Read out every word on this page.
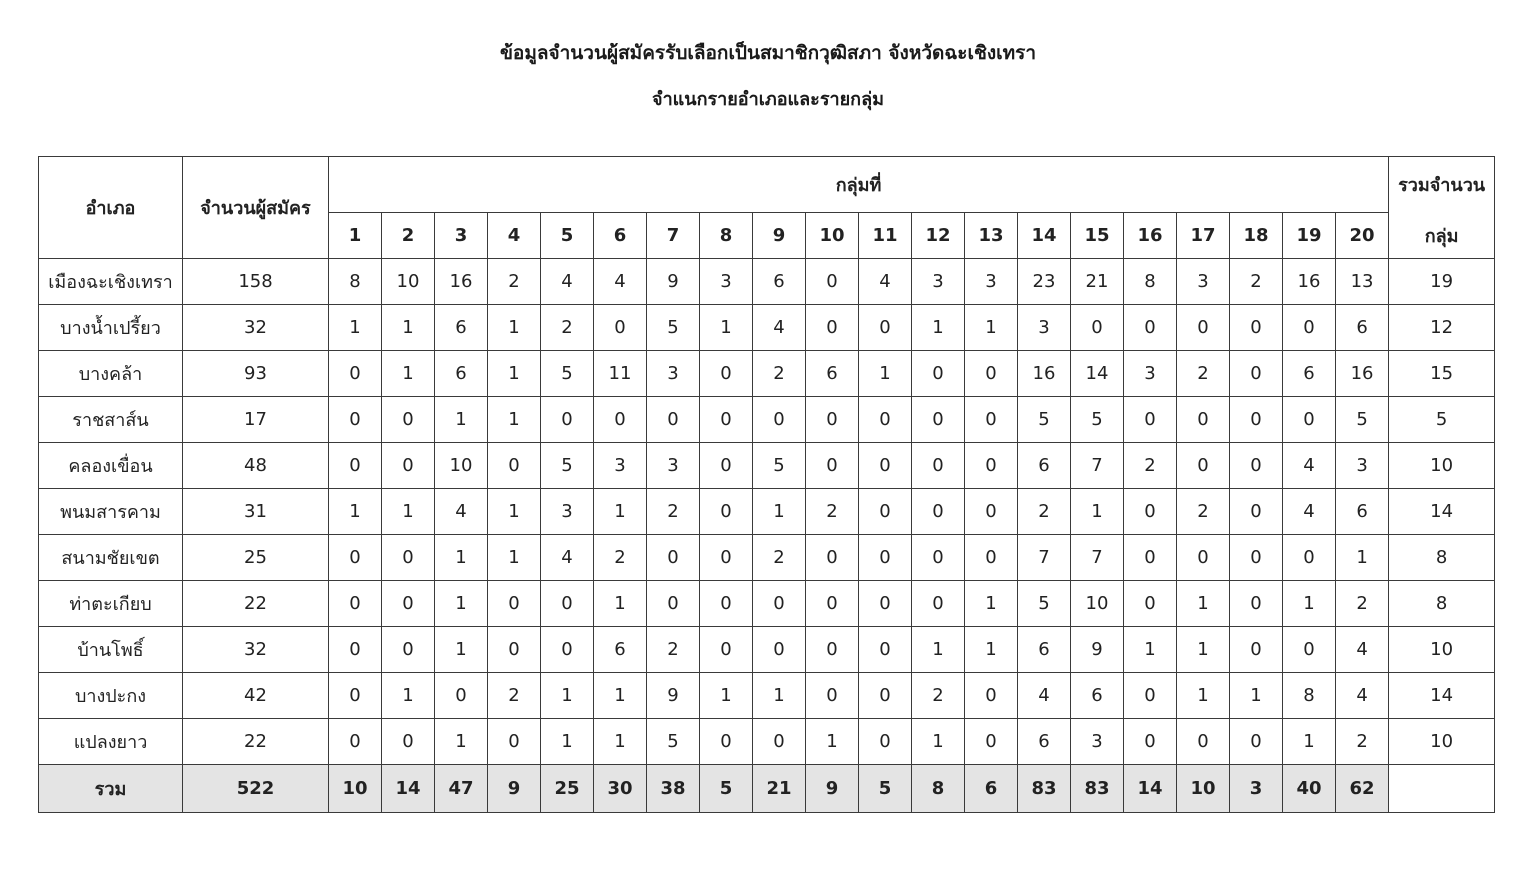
ข้อมูลจำนวนผู้สมัครรับเลือกเป็นสมาชิกวุฒิสภา จังหวัดฉะเชิงเทรา
จำแนกรายอำเภอและรายกลุ่ม
อำเภอ	จำนวนผู้สมัคร	กลุ่มที่																				รวมจำนวน
		1	2	3	4	5	6	7	8	9	10	11	12	13	14	15	16	17	18	19	20	กลุ่ม
เมืองฉะเชิงเทรา	158	8	10	16	2	4	4	9	3	6	0	4	3	3	23	21	8	3	2	16	13	19
บางน้ำเปรี้ยว	32	1	1	6	1	2	0	5	1	4	0	0	1	1	3	0	0	0	0	0	6	12
บางคล้า	93	0	1	6	1	5	11	3	0	2	6	1	0	0	16	14	3	2	0	6	16	15
ราชสาส์น	17	0	0	1	1	0	0	0	0	0	0	0	0	0	5	5	0	0	0	0	5	5
คลองเขื่อน	48	0	0	10	0	5	3	3	0	5	0	0	0	0	6	7	2	0	0	4	3	10
พนมสารคาม	31	1	1	4	1	3	1	2	0	1	2	0	0	0	2	1	0	2	0	4	6	14
สนามชัยเขต	25	0	0	1	1	4	2	0	0	2	0	0	0	0	7	7	0	0	0	0	1	8
ท่าตะเกียบ	22	0	0	1	0	0	1	0	0	0	0	0	0	1	5	10	0	1	0	1	2	8
บ้านโพธิ์	32	0	0	1	0	0	6	2	0	0	0	0	1	1	6	9	1	1	0	0	4	10
บางปะกง	42	0	1	0	2	1	1	9	1	1	0	0	2	0	4	6	0	1	1	8	4	14
แปลงยาว	22	0	0	1	0	1	1	5	0	0	1	0	1	0	6	3	0	0	0	1	2	10
รวม	522	10	14	47	9	25	30	38	5	21	9	5	8	6	83	83	14	10	3	40	62	
